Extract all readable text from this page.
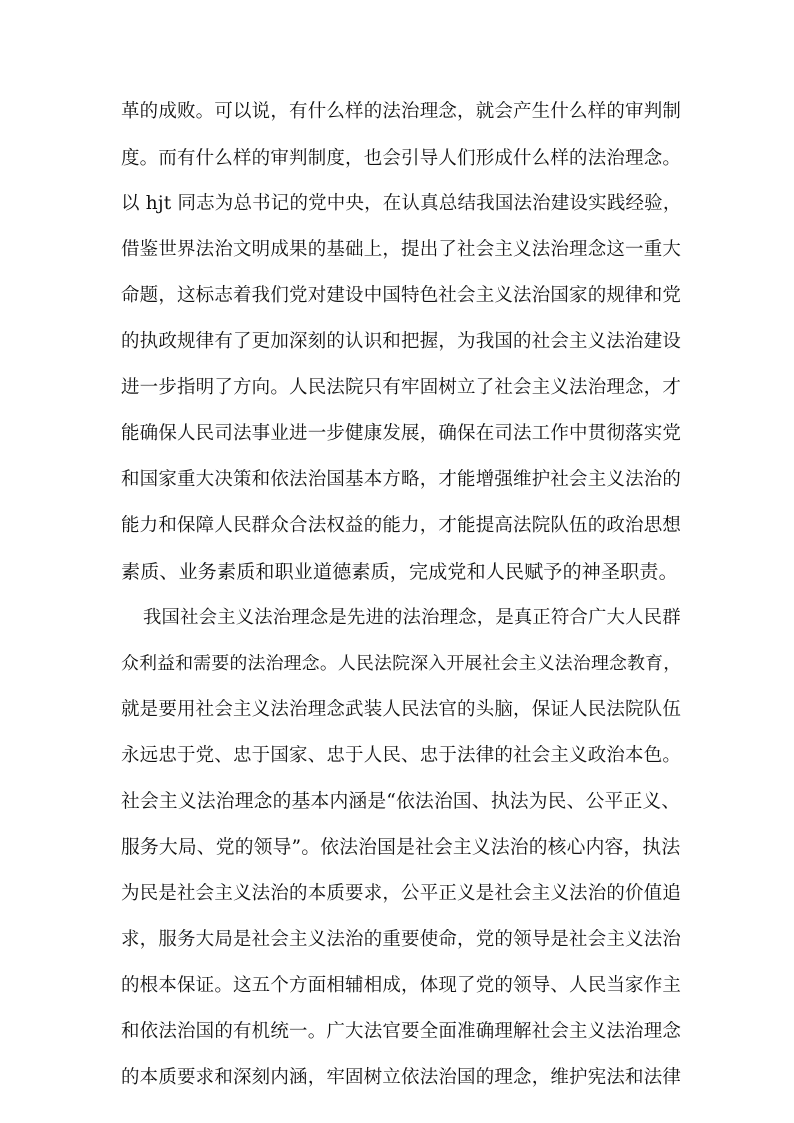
革的成败。可以说，有什么样的法治理念，就会产生什么样的审判制
度。而有什么样的审判制度，也会引导人们形成什么样的法治理念。
以 hjt 同志为总书记的党中央，在认真总结我国法治建设实践经验，
借鉴世界法治文明成果的基础上，提出了社会主义法治理念这一重大
命题，这标志着我们党对建设中国特色社会主义法治国家的规律和党
的执政规律有了更加深刻的认识和把握，为我国的社会主义法治建设
进一步指明了方向。人民法院只有牢固树立了社会主义法治理念，才
能确保人民司法事业进一步健康发展，确保在司法工作中贯彻落实党
和国家重大决策和依法治国基本方略，才能增强维护社会主义法治的
能力和保障人民群众合法权益的能力，才能提高法院队伍的政治思想
素质、业务素质和职业道德素质，完成党和人民赋予的神圣职责。
我国社会主义法治理念是先进的法治理念，是真正符合广大人民群
众利益和需要的法治理念。人民法院深入开展社会主义法治理念教育，
就是要用社会主义法治理念武装人民法官的头脑，保证人民法院队伍
永远忠于党、忠于国家、忠于人民、忠于法律的社会主义政治本色。
社会主义法治理念的基本内涵是“依法治国、执法为民、公平正义、
服务大局、党的领导”。依法治国是社会主义法治的核心内容，执法
为民是社会主义法治的本质要求，公平正义是社会主义法治的价值追
求，服务大局是社会主义法治的重要使命，党的领导是社会主义法治
的根本保证。这五个方面相辅相成，体现了党的领导、人民当家作主
和依法治国的有机统一。广大法官要全面准确理解社会主义法治理念
的本质要求和深刻内涵，牢固树立依法治国的理念，维护宪法和法律
